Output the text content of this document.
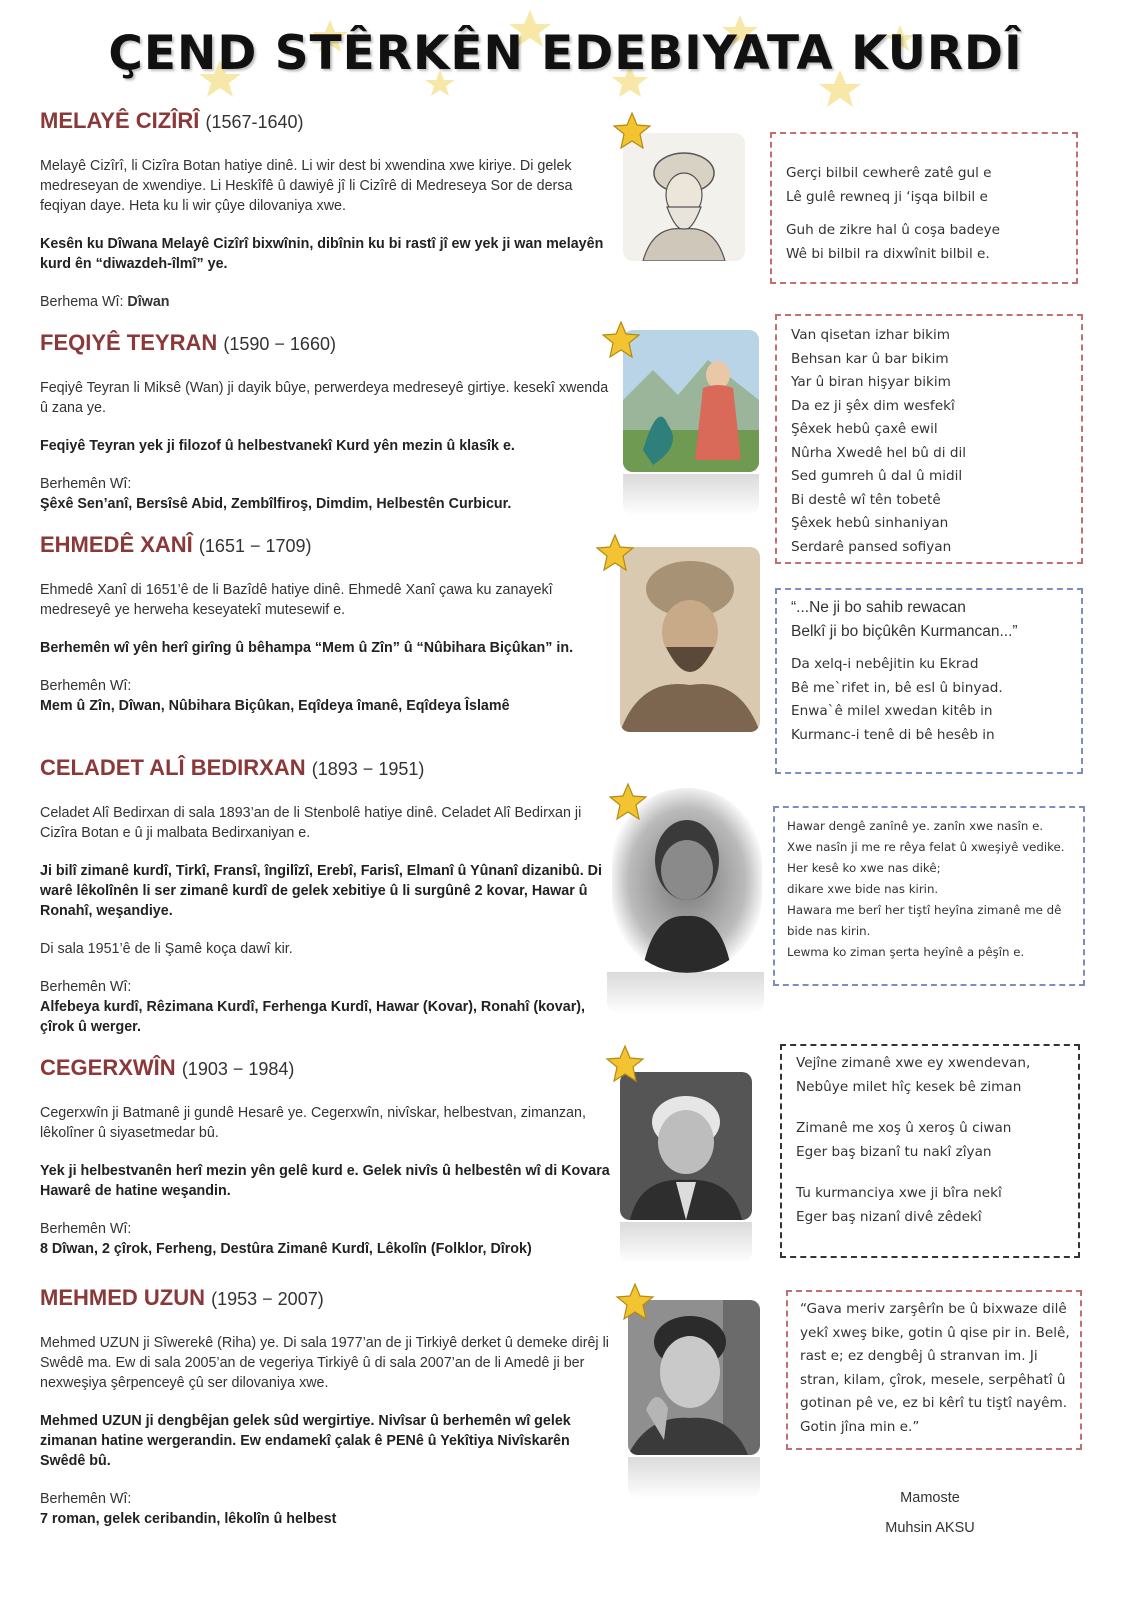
ÇEND STÊRKÊN EDEBIYATA KURDÎ
MELAYÊ CIZÎRÎ (1567-1640)

Melayê Cizîrî, li Cizîra Botan hatiye dinê. Li wir dest bi xwendina xwe kiriye. Di gelek medreseyan de xwendiye. Li Heskîfê û dawiyê jî li Cizîrê di Medreseya Sor de dersa feqiyan daye. Heta ku li wir çûye dilovaniya xwe.

Kesên ku Dîwana Melayê Cizîrî bixwînin, dibînin ku bi rastî jî ew yek ji wan melayên kurd ên “diwazdeh-îlmî” ye.

Berhema Wî: Dîwan

FEQIYÊ TEYRAN (1590 − 1660)

Feqiyê Teyran li Miksê (Wan) ji dayik bûye, perwerdeya medreseyê girtiye. kesekî xwenda û zana ye.

Feqiyê Teyran yek ji filozof û helbestvanekî Kurd yên mezin û klasîk e.

Berhemên Wî:

Şêxê Sen’anî, Bersîsê Abid, Zembîlfiroş, Dimdim, Helbestên Curbicur.

EHMEDÊ XANÎ (1651 − 1709)

Ehmedê Xanî di 1651’ê de li Bazîdê hatiye dinê. Ehmedê Xanî çawa ku zanayekî medreseyê ye herweha keseyatekî mutesewif e.

Berhemên wî yên herî girîng û bêhampa “Mem û Zîn” û “Nûbihara Biçûkan” in.

Berhemên Wî:

Mem û Zîn, Dîwan, Nûbihara Biçûkan, Eqîdeya îmanê, Eqîdeya Îslamê

CELADET ALÎ BEDIRXAN (1893 − 1951)

Celadet Alî Bedirxan di sala 1893’an de li Stenbolê hatiye dinê. Celadet Alî Bedirxan ji Cizîra Botan e û ji malbata Bedirxaniyan e.

Ji bilî zimanê kurdî, Tirkî, Fransî, îngilîzî, Erebî, Farisî, Elmanî û Yûnanî dizanibû. Di warê lêkolînên li ser zimanê kurdî de gelek xebitiye û li surgûnê 2 kovar, Hawar û Ronahî, weşandiye.

Di sala 1951’ê de li Şamê koça dawî kir.

Berhemên Wî:

Alfebeya kurdî, Rêzimana Kurdî, Ferhenga Kurdî, Hawar (Kovar), Ronahî (kovar), çîrok û werger.

CEGERXWÎN (1903 − 1984)

Cegerxwîn ji Batmanê ji gundê Hesarê ye. Cegerxwîn, nivîskar, helbestvan, zimanzan, lêkolîner û siyasetmedar bû.

Yek ji helbestvanên herî mezin yên gelê kurd e. Gelek nivîs û helbestên wî di Kovara Hawarê de hatine weşandin.

Berhemên Wî:

8 Dîwan, 2 çîrok, Ferheng, Destûra Zimanê Kurdî, Lêkolîn (Folklor, Dîrok)

MEHMED UZUN (1953 − 2007)

Mehmed UZUN ji Sîwerekê (Riha) ye. Di sala 1977’an de ji Tirkiyê derket û demeke dirêj li Swêdê ma. Ew di sala 2005’an de vegeriya Tirkiyê û di sala 2007’an de li Amedê ji ber nexweşiya şêrpenceyê çû ser dilovaniya xwe.

Mehmed UZUN ji dengbêjan gelek sûd wergirtiye. Nivîsar û berhemên wî gelek zimanan hatine wergerandin. Ew endamekî çalak ê PENê û Yekîtiya Nivîskarên Swêdê bû.

Berhemên Wî:

7 roman, gelek ceribandin, lêkolîn û helbest

Gerçi bilbil cewherê zatê gul e
Lê gulê rewneq ji ‘işqa bilbil e
Guh de zikre hal û coşa badeye
Wê bi bilbil ra dixwînit bilbil e.
Van qisetan izhar bikim
Behsan kar û bar bikim
Yar û biran hişyar bikim
Da ez ji şêx dim wesfekî
Şêxek hebû çaxê ewil
Nûrha Xwedê hel bû di dil
Sed gumreh û dal û midil
Bi destê wî tên tobetê
Şêxek hebû sinhaniyan
Serdarê pansed sofiyan
“...Ne ji bo sahib rewacan
Belkî ji bo biçûkên Kurmancan...”
Da xelq-i nebêjitin ku Ekrad
Bê me`rifet in, bê esl û binyad.
Enwa`ê milel xwedan kitêb in
Kurmanc-i tenê di bê hesêb in
Hawar dengê zanînê ye. zanîn xwe nasîn e.
Xwe nasîn ji me re rêya felat û xweşiyê vedike.
Her kesê ko xwe nas dikê;
dikare xwe bide nas kirin.
Hawara me berî her tiştî heyîna zimanê me dê
bide nas kirin.
Lewma ko ziman şerta heyînê a pêşîn e.
Vejîne zimanê xwe ey xwendevan,
Nebûye milet hîç kesek bê ziman
Zimanê me xoş û xeroş û ciwan
Eger baş bizanî tu nakî zîyan
Tu kurmanciya xwe ji bîra nekî
Eger baş nizanî divê zêdekî
“Gava meriv zarşêrîn be û bixwaze dilê
yekî xweş bike, gotin û qise pir in. Belê,
rast e; ez dengbêj û stranvan im. Ji
stran, kilam, çîrok, mesele, serpêhatî û
gotinan pê ve, ez bi kêrî tu tiştî nayêm.
Gotin jîna min e.”
Mamoste
Muhsin AKSU
